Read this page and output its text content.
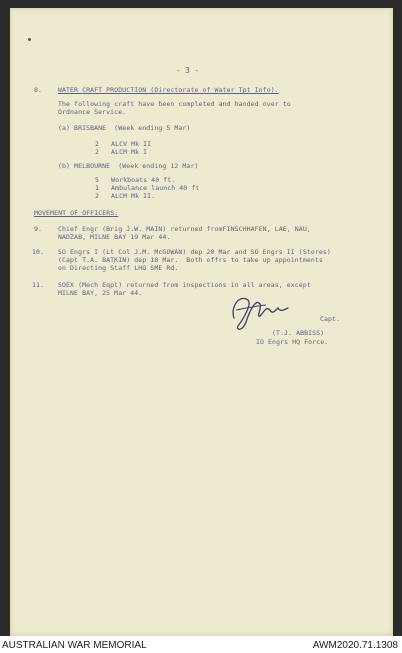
- 3 -
8. WATER CRAFT PRODUCTION (Directorate of Water Tpt Info).
The following craft have been completed and handed over to
Ordnance Service.
(a) BRISBANE  (Week ending 5 Mar)
2   ALCV Mk II
2   ALCM Mk I
(b) MELBOURNE  (Week ending 12 Mar)
5   Workboats 40 ft.
1   Ambulance launch 40 ft
2   ALCM Mk II.
MOVEMENT OF OFFICERS.
9. Chief Engr (Brig J.W. MAIN) returned fromFINSCHHAFEN, LAE, NAU,
NADZAB, MILNE BAY 19 Mar 44.
10. SO Engrs I (Lt Col J.M. McGOWAN) dep 20 Mar and SO Engrs II (Stores)
(Capt T.A. BATKIN) dep 18 Mar.  Both offrs to take up appointments
on Directing Staff LHQ SME Rd.
11. SOEX (Mech Eqpt) returned from inspections in all areas, except
MILNE BAY, 25 Mar 44.
Capt.
(T.J. ABBISS)
IO Engrs HQ Force.
AUSTRALIAN WAR MEMORIAL	AWM2020.71.1308
